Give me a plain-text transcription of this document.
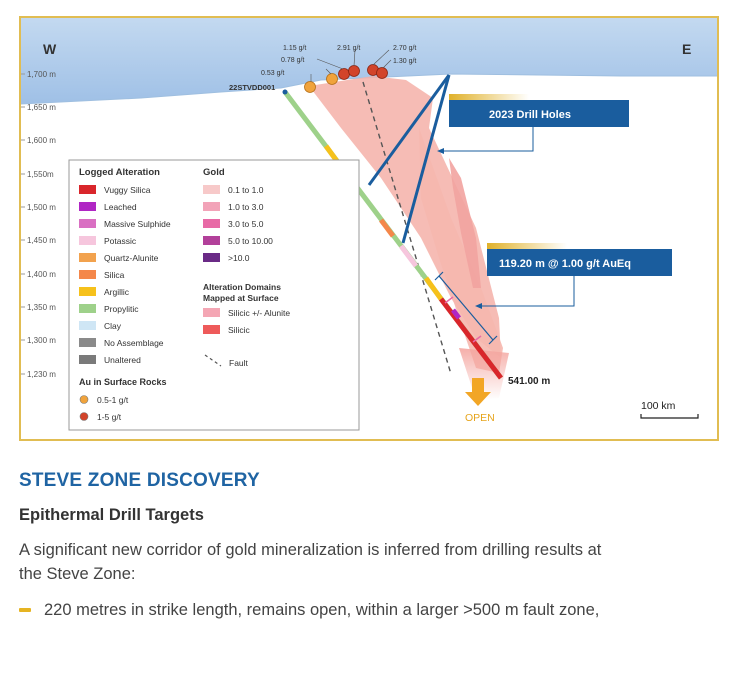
W	E
1,700 m
1,650 m
1,600 m
1,550m
1,500 m
1,450 m
1,400 m
1,350 m
1,300 m
1,230 m
22STVDD001
541.00 m
OPEN
1.15 g/t	2.91 g/t	2.70 g/t
0.78 g/t	1.30 g/t
0.53 g/t
2023 Drill Holes
119.20 m @ 1.00 g/t AuEq
100 km
Logged Alteration	Gold
Vuggy Silica
Leached
Massive Sulphide
Potassic
Quartz-Alunite
Silica
Argillic
Propylitic
Clay
No Assemblage
Unaltered
0.1 to 1.0
1.0 to 3.0
3.0 to 5.0
5.0 to 10.00
>10.0
Alteration Domains
Mapped at Surface
Silicic +/- Alunite
Silicic
Fault
Au in Surface Rocks
0.5-1 g/t
1-5 g/t
STEVE ZONE DISCOVERY
Epithermal Drill Targets
A significant new corridor of gold mineralization is inferred from drilling results at the Steve Zone:
220 metres in strike length, remains open, within a larger >500 m fault zone,
